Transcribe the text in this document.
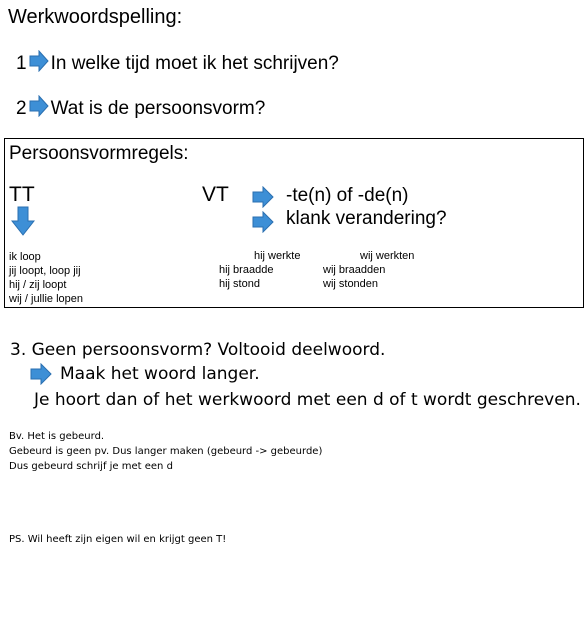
Werkwoordspelling:
1 In welke tijd moet ik het schrijven?
2 Wat is de persoonsvorm?
Persoonsvormregels:
TT	VT	-te(n) of -de(n)
klank verandering?
ik loop
jij loopt, loop jij
hij / zij loopt
wij / jullie lopen
hij werkte	wij werkten
hij braadde	wij braadden
hij stond	wij stonden
3. Geen persoonsvorm? Voltooid deelwoord.
Maak het woord langer.
Je hoort dan of het werkwoord met een d of t wordt geschreven.
Bv. Het is gebeurd.
Gebeurd is geen pv. Dus langer maken (gebeurd -> gebeurde)
Dus gebeurd schrijf je met een d
PS. Wil heeft zijn eigen wil en krijgt geen T!
